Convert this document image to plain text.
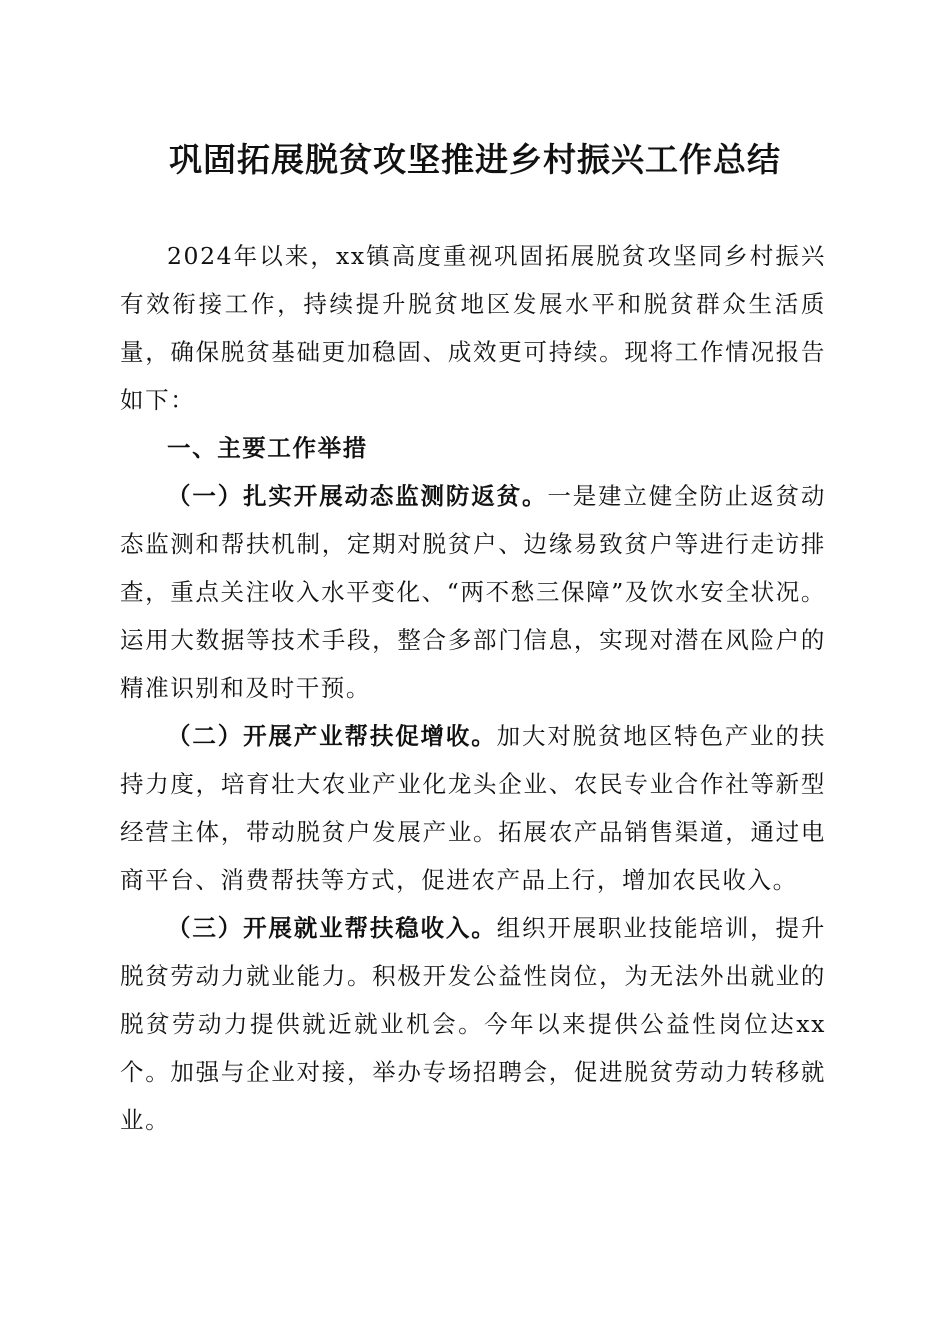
巩固拓展脱贫攻坚推进乡村振兴工作总结

2024年以来，xx镇高度重视巩固拓展脱贫攻坚同乡村振兴有效衔接工作，持续提升脱贫地区发展水平和脱贫群众生活质量，确保脱贫基础更加稳固、成效更可持续。现将工作情况报告如下：

一、主要工作举措

（一）扎实开展动态监测防返贫。一是建立健全防止返贫动态监测和帮扶机制，定期对脱贫户、边缘易致贫户等进行走访排查，重点关注收入水平变化、“两不愁三保障”及饮水安全状况。运用大数据等技术手段，整合多部门信息，实现对潜在风险户的精准识别和及时干预。

（二）开展产业帮扶促增收。加大对脱贫地区特色产业的扶持力度，培育壮大农业产业化龙头企业、农民专业合作社等新型经营主体，带动脱贫户发展产业。拓展农产品销售渠道，通过电商平台、消费帮扶等方式，促进农产品上行，增加农民收入。

（三）开展就业帮扶稳收入。组织开展职业技能培训，提升脱贫劳动力就业能力。积极开发公益性岗位，为无法外出就业的脱贫劳动力提供就近就业机会。今年以来提供公益性岗位达xx个。加强与企业对接，举办专场招聘会，促进脱贫劳动力转移就业。
